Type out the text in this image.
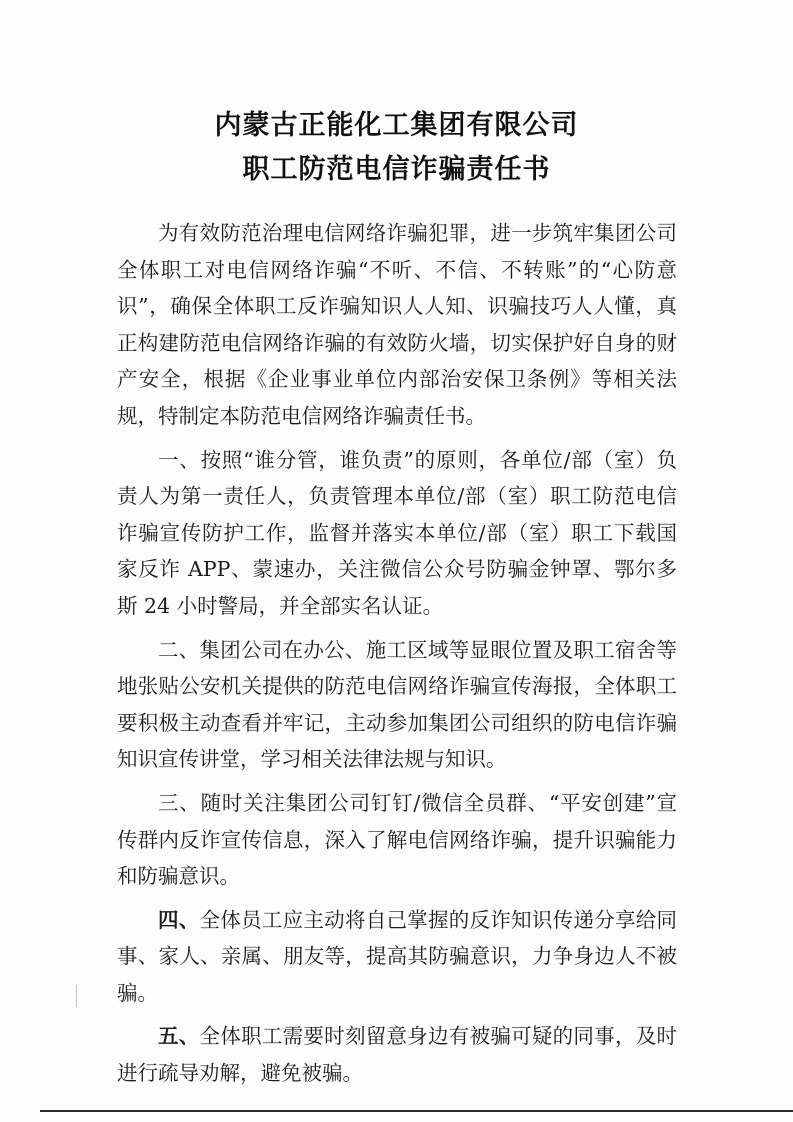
内蒙古正能化工集团有限公司
职工防范电信诈骗责任书

为有效防范治理电信网络诈骗犯罪，进一步筑牢集团公司全体职工对电信网络诈骗“不听、不信、不转账”的“心防意识”，确保全体职工反诈骗知识人人知、识骗技巧人人懂，真正构建防范电信网络诈骗的有效防火墙，切实保护好自身的财产安全，根据《企业事业单位内部治安保卫条例》等相关法规，特制定本防范电信网络诈骗责任书。

一、按照“谁分管，谁负责”的原则，各单位/部（室）负责人为第一责任人，负责管理本单位/部（室）职工防范电信诈骗宣传防护工作，监督并落实本单位/部（室）职工下载国家反诈 APP、蒙速办，关注微信公众号防骗金钟罩、鄂尔多斯 24 小时警局，并全部实名认证。

二、集团公司在办公、施工区域等显眼位置及职工宿舍等地张贴公安机关提供的防范电信网络诈骗宣传海报，全体职工要积极主动查看并牢记，主动参加集团公司组织的防电信诈骗知识宣传讲堂，学习相关法律法规与知识。

三、随时关注集团公司钉钉/微信全员群、“平安创建”宣传群内反诈宣传信息，深入了解电信网络诈骗，提升识骗能力和防骗意识。

四、全体员工应主动将自己掌握的反诈知识传递分享给同事、家人、亲属、朋友等，提高其防骗意识，力争身边人不被骗。

五、全体职工需要时刻留意身边有被骗可疑的同事，及时进行疏导劝解，避免被骗。
